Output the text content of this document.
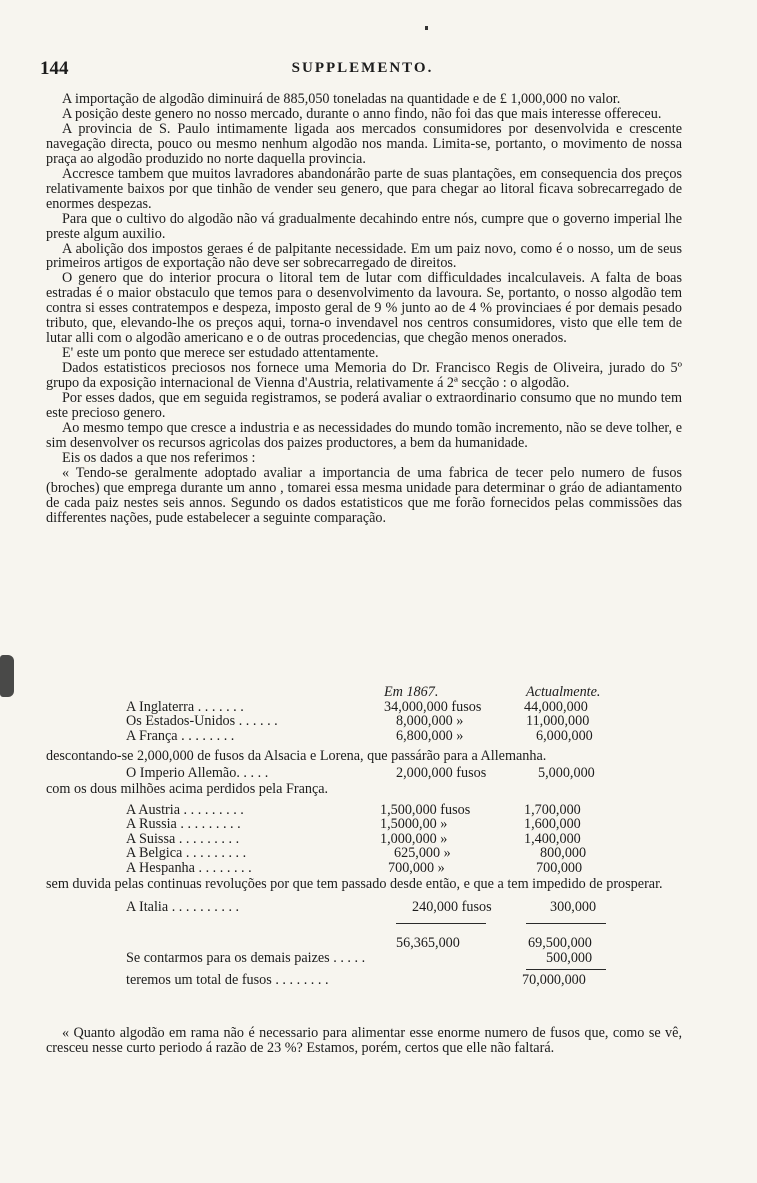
144	SUPPLEMENTO.

A importação de algodão diminuirá de 885,050 toneladas na quantidade e de £ 1,000,000 no valor.

A posição deste genero no nosso mercado, durante o anno findo, não foi das que mais interesse offereceu.

A provincia de S. Paulo intimamente ligada aos mercados consumidores por desenvolvida e crescente navegação directa, pouco ou mesmo nenhum algodão nos manda. Limita-se, portanto, o movimento de nossa praça ao algodão produzido no norte daquella provincia.

Accresce tambem que muitos lavradores abandonárão parte de suas plantações, em consequencia dos preços relativamente baixos por que tinhão de vender seu genero, que para chegar ao litoral ficava sobrecarregado de enormes despezas.

Para que o cultivo do algodão não vá gradualmente decahindo entre nós, cumpre que o governo imperial lhe preste algum auxilio.

A abolição dos impostos geraes é de palpitante necessidade. Em um paiz novo, como é o nosso, um de seus primeiros artigos de exportação não deve ser sobrecarregado de direitos.

O genero que do interior procura o litoral tem de lutar com difficuldades incalculaveis. A falta de boas estradas é o maior obstaculo que temos para o desenvolvimento da lavoura. Se, portanto, o nosso algodão tem contra si esses contratempos e despeza, imposto geral de 9 % junto ao de 4 % provinciaes é por demais pesado tributo, que, elevando-lhe os preços aqui, torna-o invendavel nos centros consumidores, visto que elle tem de lutar alli com o algodão americano e o de outras procedencias, que chegão menos onerados.

E' este um ponto que merece ser estudado attentamente.

Dados estatisticos preciosos nos fornece uma Memoria do Dr. Francisco Regis de Oliveira, jurado do 5º grupo da exposição internacional de Vienna d'Austria, relativamente á 2ª secção : o algodão.

Por esses dados, que em seguida registramos, se poderá avaliar o extraordinario consumo que no mundo tem este precioso genero.

Ao mesmo tempo que cresce a industria e as necessidades do mundo tomão incremento, não se deve tolher, e sim desenvolver os recursos agricolas dos paizes productores, a bem da humanidade.

Eis os dados a que nos referimos :

« Tendo-se geralmente adoptado avaliar a importancia de uma fabrica de tecer pelo numero de fusos (broches) que emprega durante um anno , tomarei essa mesma unidade para determinar o gráo de adiantamento de cada paiz nestes seis annos. Segundo os dados estatisticos que me forão fornecidos pelas commissões das differentes nações, pude estabelecer a seguinte comparação.

Em 1867.	Actualmente.
A Inglaterra . . . . . . .	34,000,000 fusos	44,000,000
Os Estados-Unidos . . . . . .	8,000,000 »	11,000,000
A França . . . . . . . .	6,800,000 »	6,000,000
descontando-se 2,000,000 de fusos da Alsacia e Lorena, que passárão para a Allemanha.
O Imperio Allemão. . . . .	2,000,000 fusos	5,000,000
com os dous milhões acima perdidos pela França.
A Austria . . . . . . . . .	1,500,000 fusos	1,700,000
A Russia . . . . . . . . .	1,5000,00 »	1,600,000
A Suissa . . . . . . . . .	1,000,000 »	1,400,000
A Belgica . . . . . . . . .	625,000 »	800,000
A Hespanha . . . . . . . .	700,000 »	700,000
sem duvida pelas continuas revoluções por que tem passado desde então, e que a tem impedido de prosperar.
A Italia . . . . . . . . . .	240,000 fusos	300,000
56,365,000	69,500,000
Se contarmos para os demais paizes . . . . .	500,000
teremos um total de fusos . . . . . . . .	70,000,000

« Quanto algodão em rama não é necessario para alimentar esse enorme numero de fusos que, como se vê, cresceu nesse curto periodo á razão de 23 %? Estamos, porém, certos que elle não faltará.
